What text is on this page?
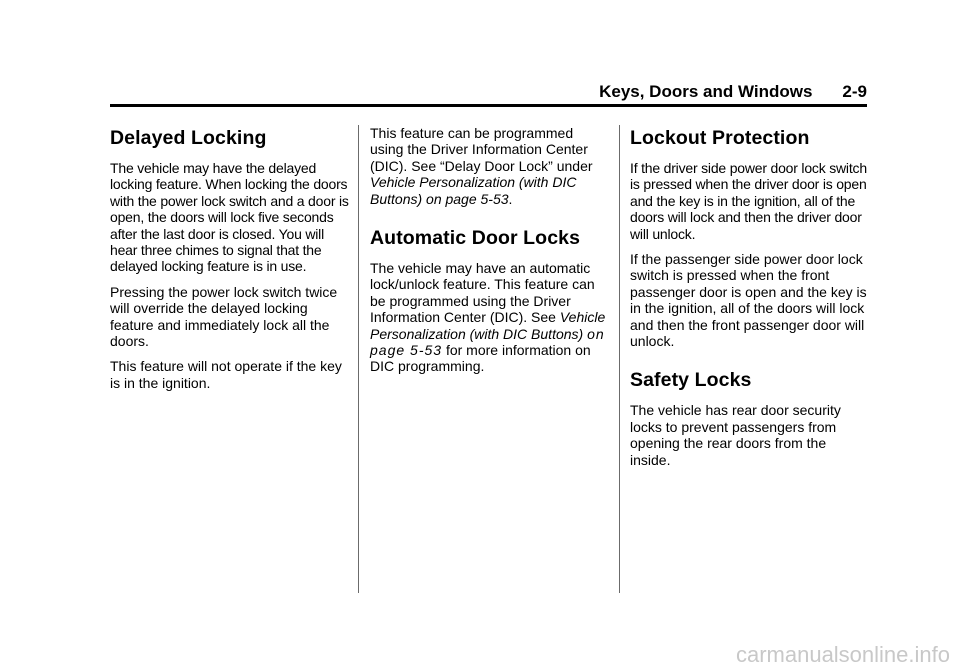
Keys, Doors and Windows 2-9
Delayed Locking

The vehicle may have the delayed locking feature. When locking the doors with the power lock switch and a door is open, the doors will lock five seconds after the last door is closed. You will hear three chimes to signal that the delayed locking feature is in use.

Pressing the power lock switch twice will override the delayed locking feature and immediately lock all the doors.

This feature will not operate if the key is in the ignition.

This feature can be programmed using the Driver Information Center (DIC). See “Delay Door Lock” under Vehicle Personalization (with DIC Buttons) on page 5-53.

Automatic Door Locks

The vehicle may have an automatic lock/unlock feature. This feature can be programmed using the Driver Information Center (DIC). See Vehicle Personalization (with DIC Buttons) on page 5-53 for more information on DIC programming.

Lockout Protection

If the driver side power door lock switch is pressed when the driver door is open and the key is in the ignition, all of the doors will lock and then the driver door will unlock.

If the passenger side power door lock switch is pressed when the front passenger door is open and the key is in the ignition, all of the doors will lock and then the front passenger door will unlock.

Safety Locks

The vehicle has rear door security locks to prevent passengers from opening the rear doors from the inside.

carmanualsonline.info
